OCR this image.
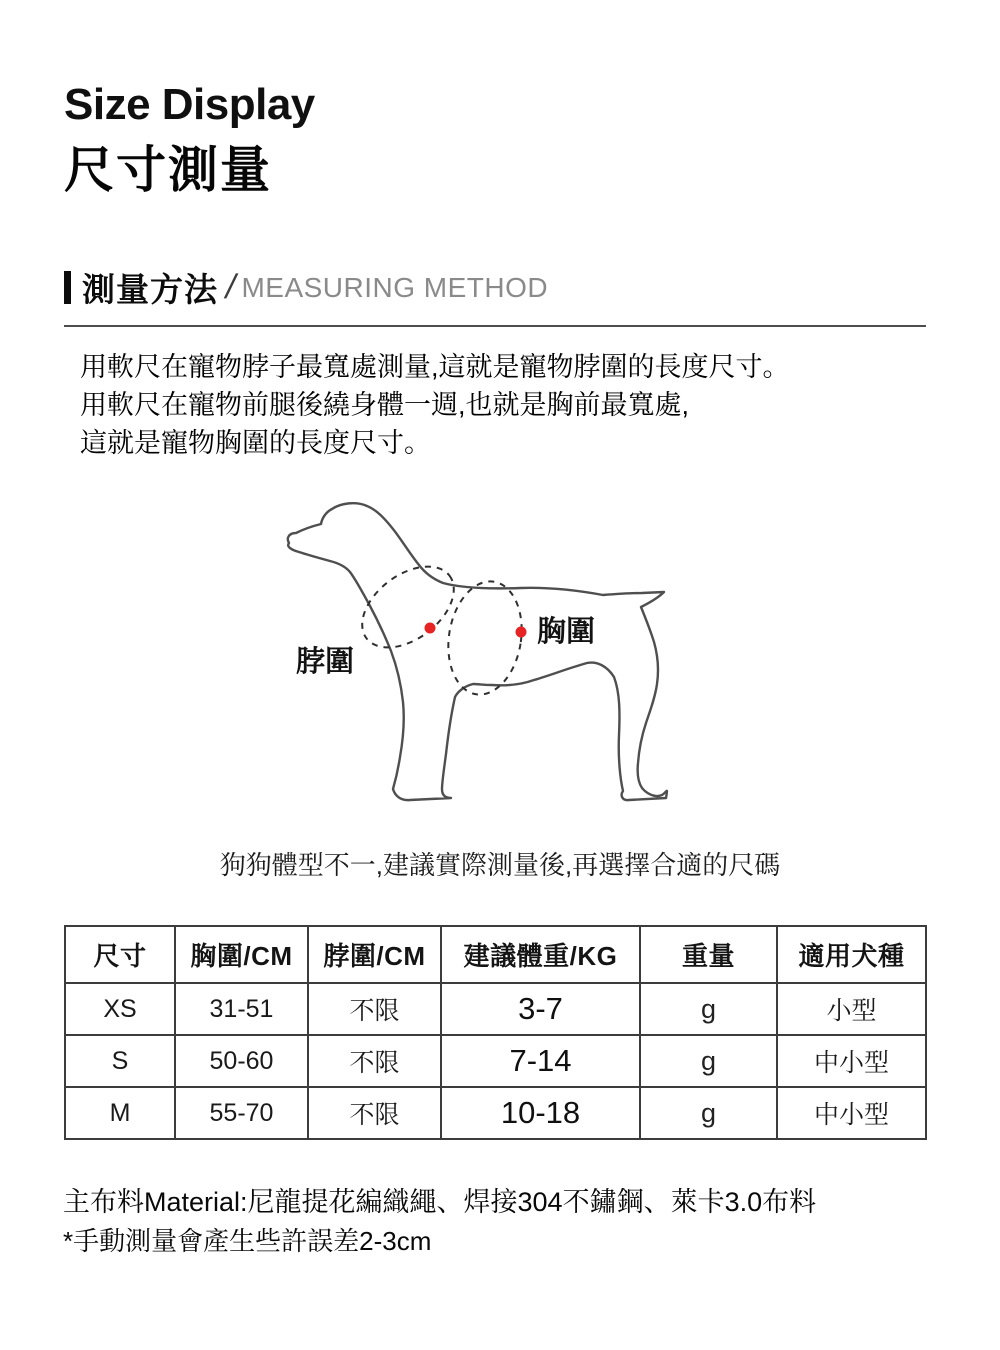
Size Display
尺寸測量
測量方法 / MEASURING METHOD
用軟尺在寵物脖子最寬處測量,這就是寵物脖圍的長度尺寸。
用軟尺在寵物前腿後繞身體一週,也就是胸前最寬處,
這就是寵物胸圍的長度尺寸。
脖圍
胸圍
狗狗體型不一,建議實際測量後,再選擇合適的尺碼
尺寸	胸圍/CM	脖圍/CM	建議體重/KG	重量	適用犬種
XS	31-51	不限	3-7	g	小型
S	50-60	不限	7-14	g	中小型
M	55-70	不限	10-18	g	中小型
主布料Material:尼龍提花編織繩、焊接304不鏽鋼、萊卡3.0布料
*手動測量會產生些許誤差2-3cm
